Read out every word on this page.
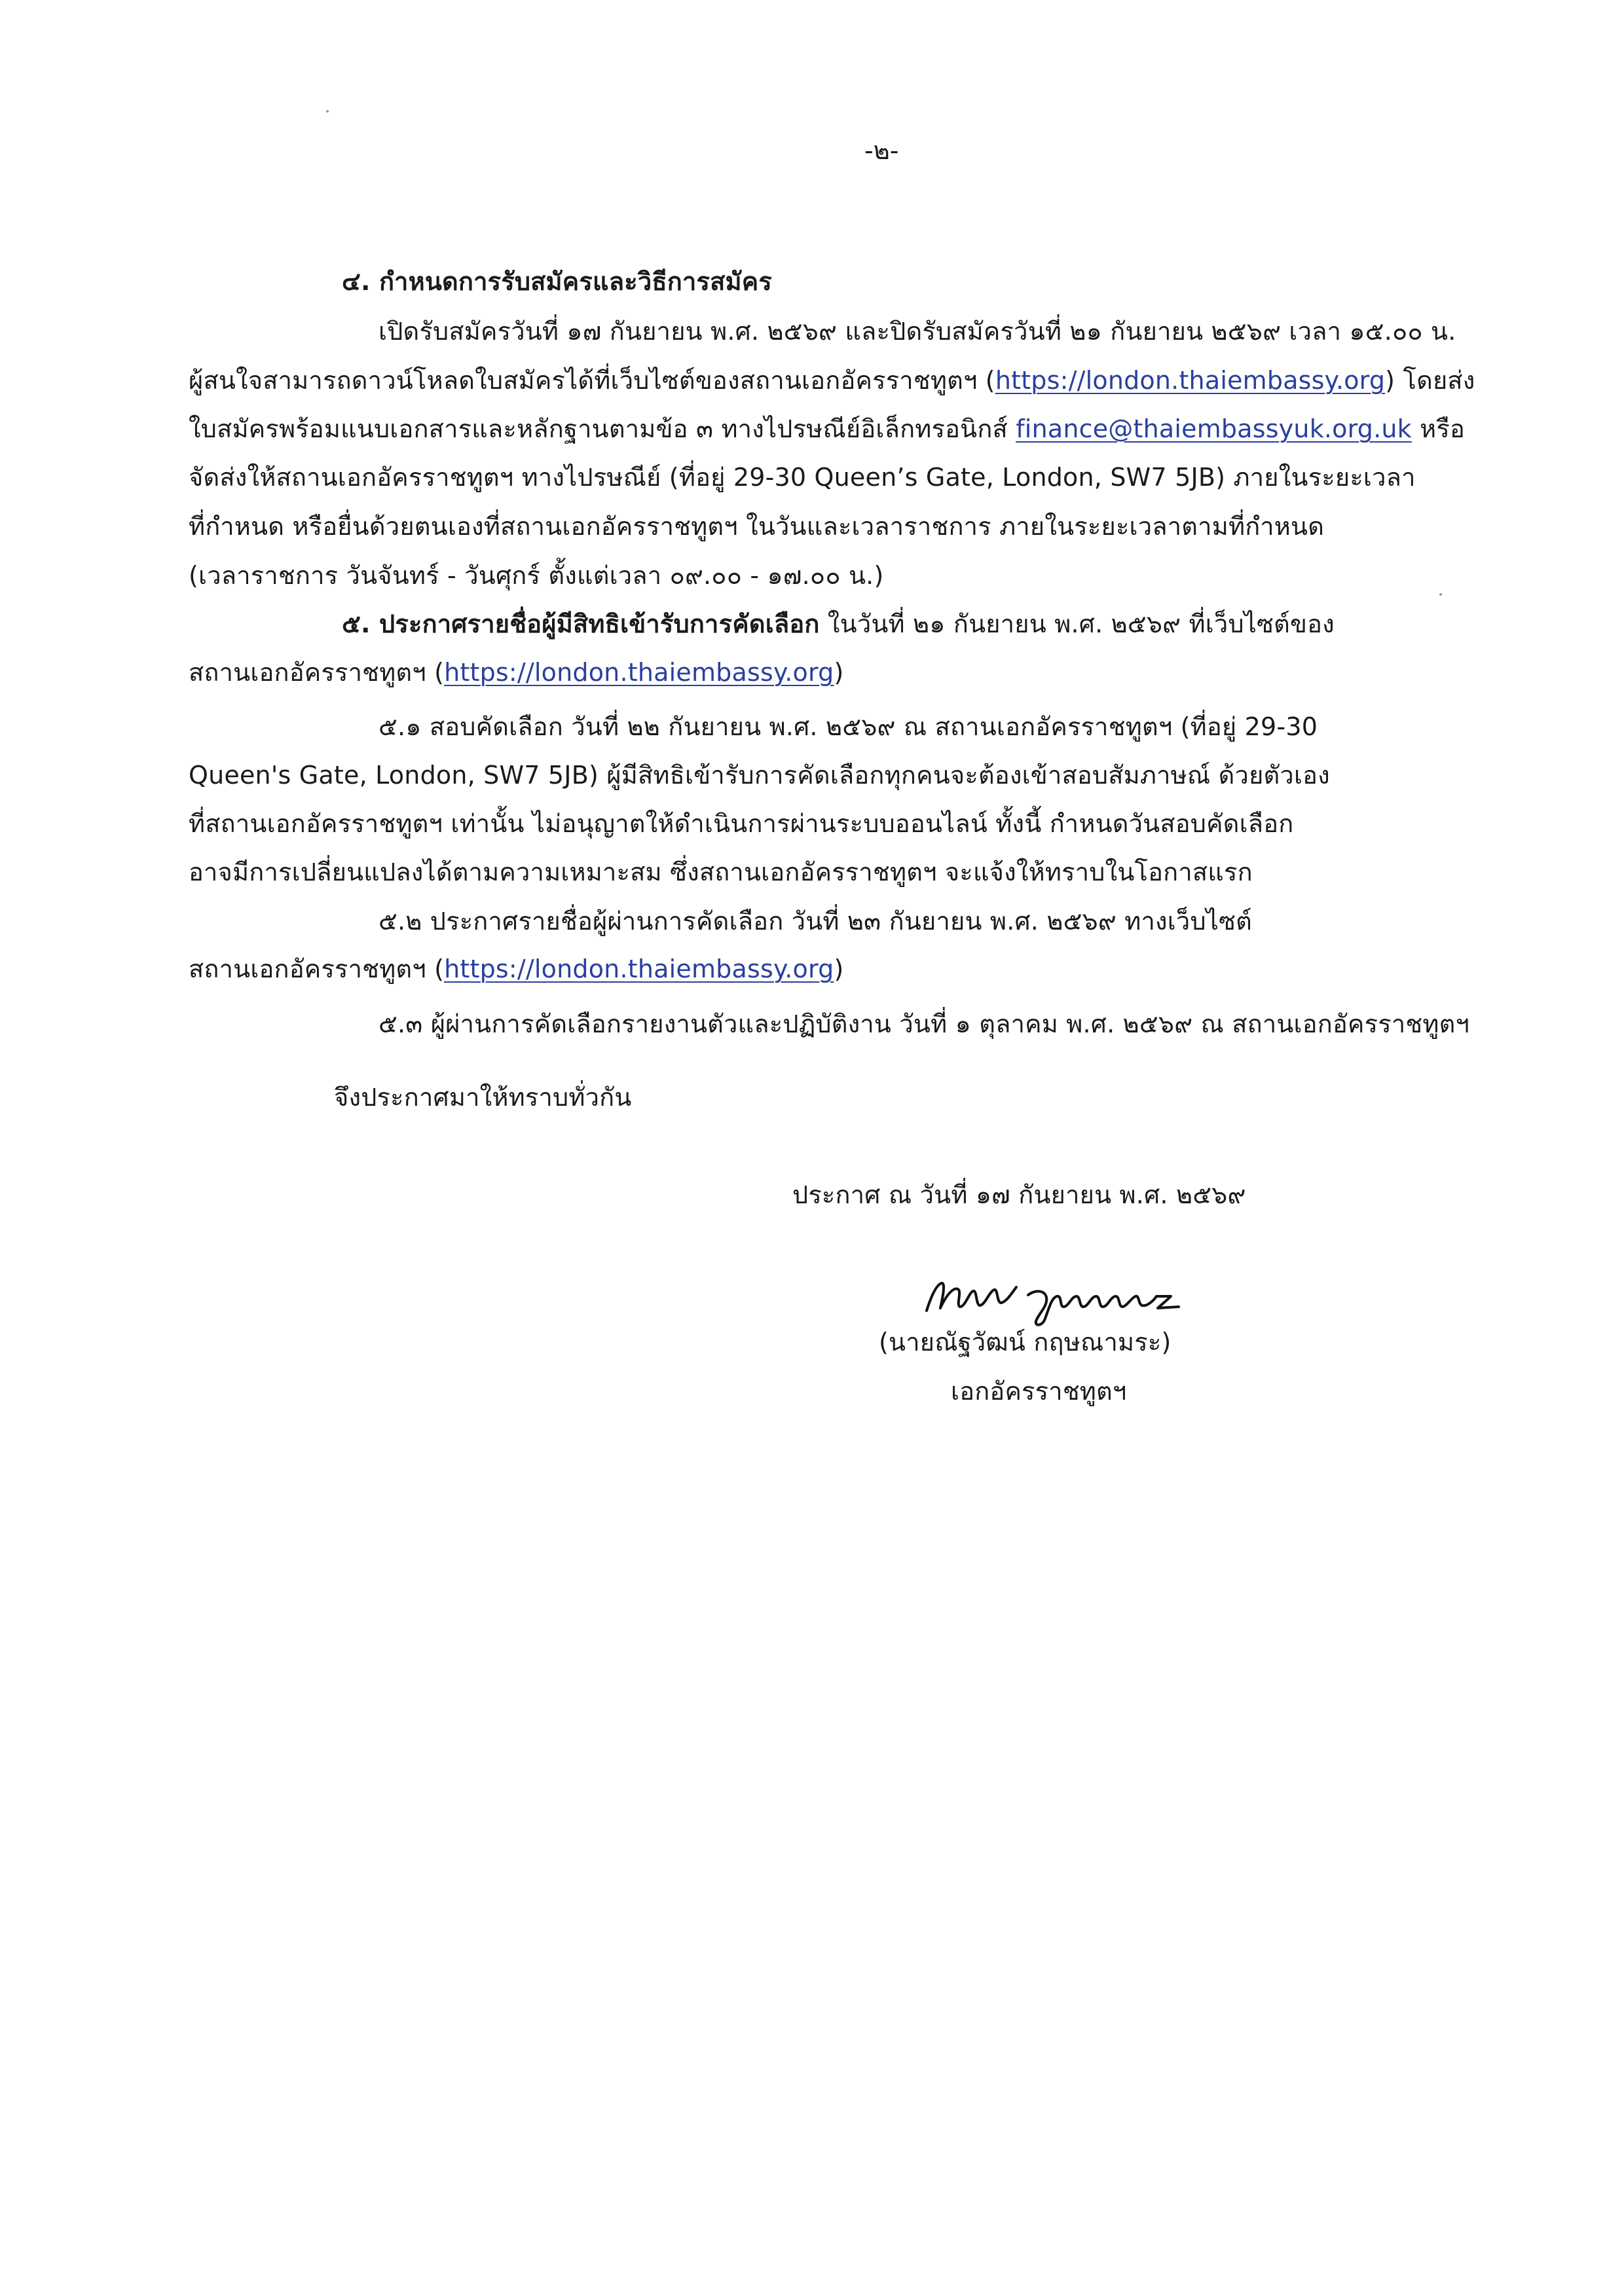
-๒-
๔. กำหนดการรับสมัครและวิธีการสมัคร
เปิดรับสมัครวันที่ ๑๗ กันยายน พ.ศ. ๒๕๖๙ และปิดรับสมัครวันที่ ๒๑ กันยายน ๒๕๖๙ เวลา ๑๕.๐๐ น.
ผู้สนใจสามารถดาวน์โหลดใบสมัครได้ที่เว็บไซต์ของสถานเอกอัครราชทูตฯ (https://london.thaiembassy.org) โดยส่ง
ใบสมัครพร้อมแนบเอกสารและหลักฐานตามข้อ ๓ ทางไปรษณีย์อิเล็กทรอนิกส์ finance@thaiembassyuk.org.uk หรือ
จัดส่งให้สถานเอกอัครราชทูตฯ ทางไปรษณีย์ (ที่อยู่ 29-30 Queen’s Gate, London, SW7 5JB) ภายในระยะเวลา
ที่กำหนด หรือยื่นด้วยตนเองที่สถานเอกอัครราชทูตฯ ในวันและเวลาราชการ ภายในระยะเวลาตามที่กำหนด
(เวลาราชการ วันจันทร์ - วันศุกร์ ตั้งแต่เวลา ๐๙.๐๐ - ๑๗.๐๐ น.)
๕. ประกาศรายชื่อผู้มีสิทธิเข้ารับการคัดเลือก ในวันที่ ๒๑ กันยายน พ.ศ. ๒๕๖๙ ที่เว็บไซต์ของ
สถานเอกอัครราชทูตฯ (https://london.thaiembassy.org)
๕.๑ สอบคัดเลือก วันที่ ๒๒ กันยายน พ.ศ. ๒๕๖๙ ณ สถานเอกอัครราชทูตฯ (ที่อยู่ 29-30
Queen's Gate, London, SW7 5JB) ผู้มีสิทธิเข้ารับการคัดเลือกทุกคนจะต้องเข้าสอบสัมภาษณ์ ด้วยตัวเอง
ที่สถานเอกอัครราชทูตฯ เท่านั้น ไม่อนุญาตให้ดำเนินการผ่านระบบออนไลน์ ทั้งนี้ กำหนดวันสอบคัดเลือก
อาจมีการเปลี่ยนแปลงได้ตามความเหมาะสม ซึ่งสถานเอกอัครราชทูตฯ จะแจ้งให้ทราบในโอกาสแรก
๕.๒ ประกาศรายชื่อผู้ผ่านการคัดเลือก วันที่ ๒๓ กันยายน พ.ศ. ๒๕๖๙ ทางเว็บไซต์
สถานเอกอัครราชทูตฯ (https://london.thaiembassy.org)
๕.๓ ผู้ผ่านการคัดเลือกรายงานตัวและปฏิบัติงาน วันที่ ๑ ตุลาคม พ.ศ. ๒๕๖๙ ณ สถานเอกอัครราชทูตฯ
จึงประกาศมาให้ทราบทั่วกัน
ประกาศ ณ วันที่ ๑๗ กันยายน พ.ศ. ๒๕๖๙
(นายณัฐวัฒน์ กฤษณามระ)
เอกอัครราชทูตฯ
